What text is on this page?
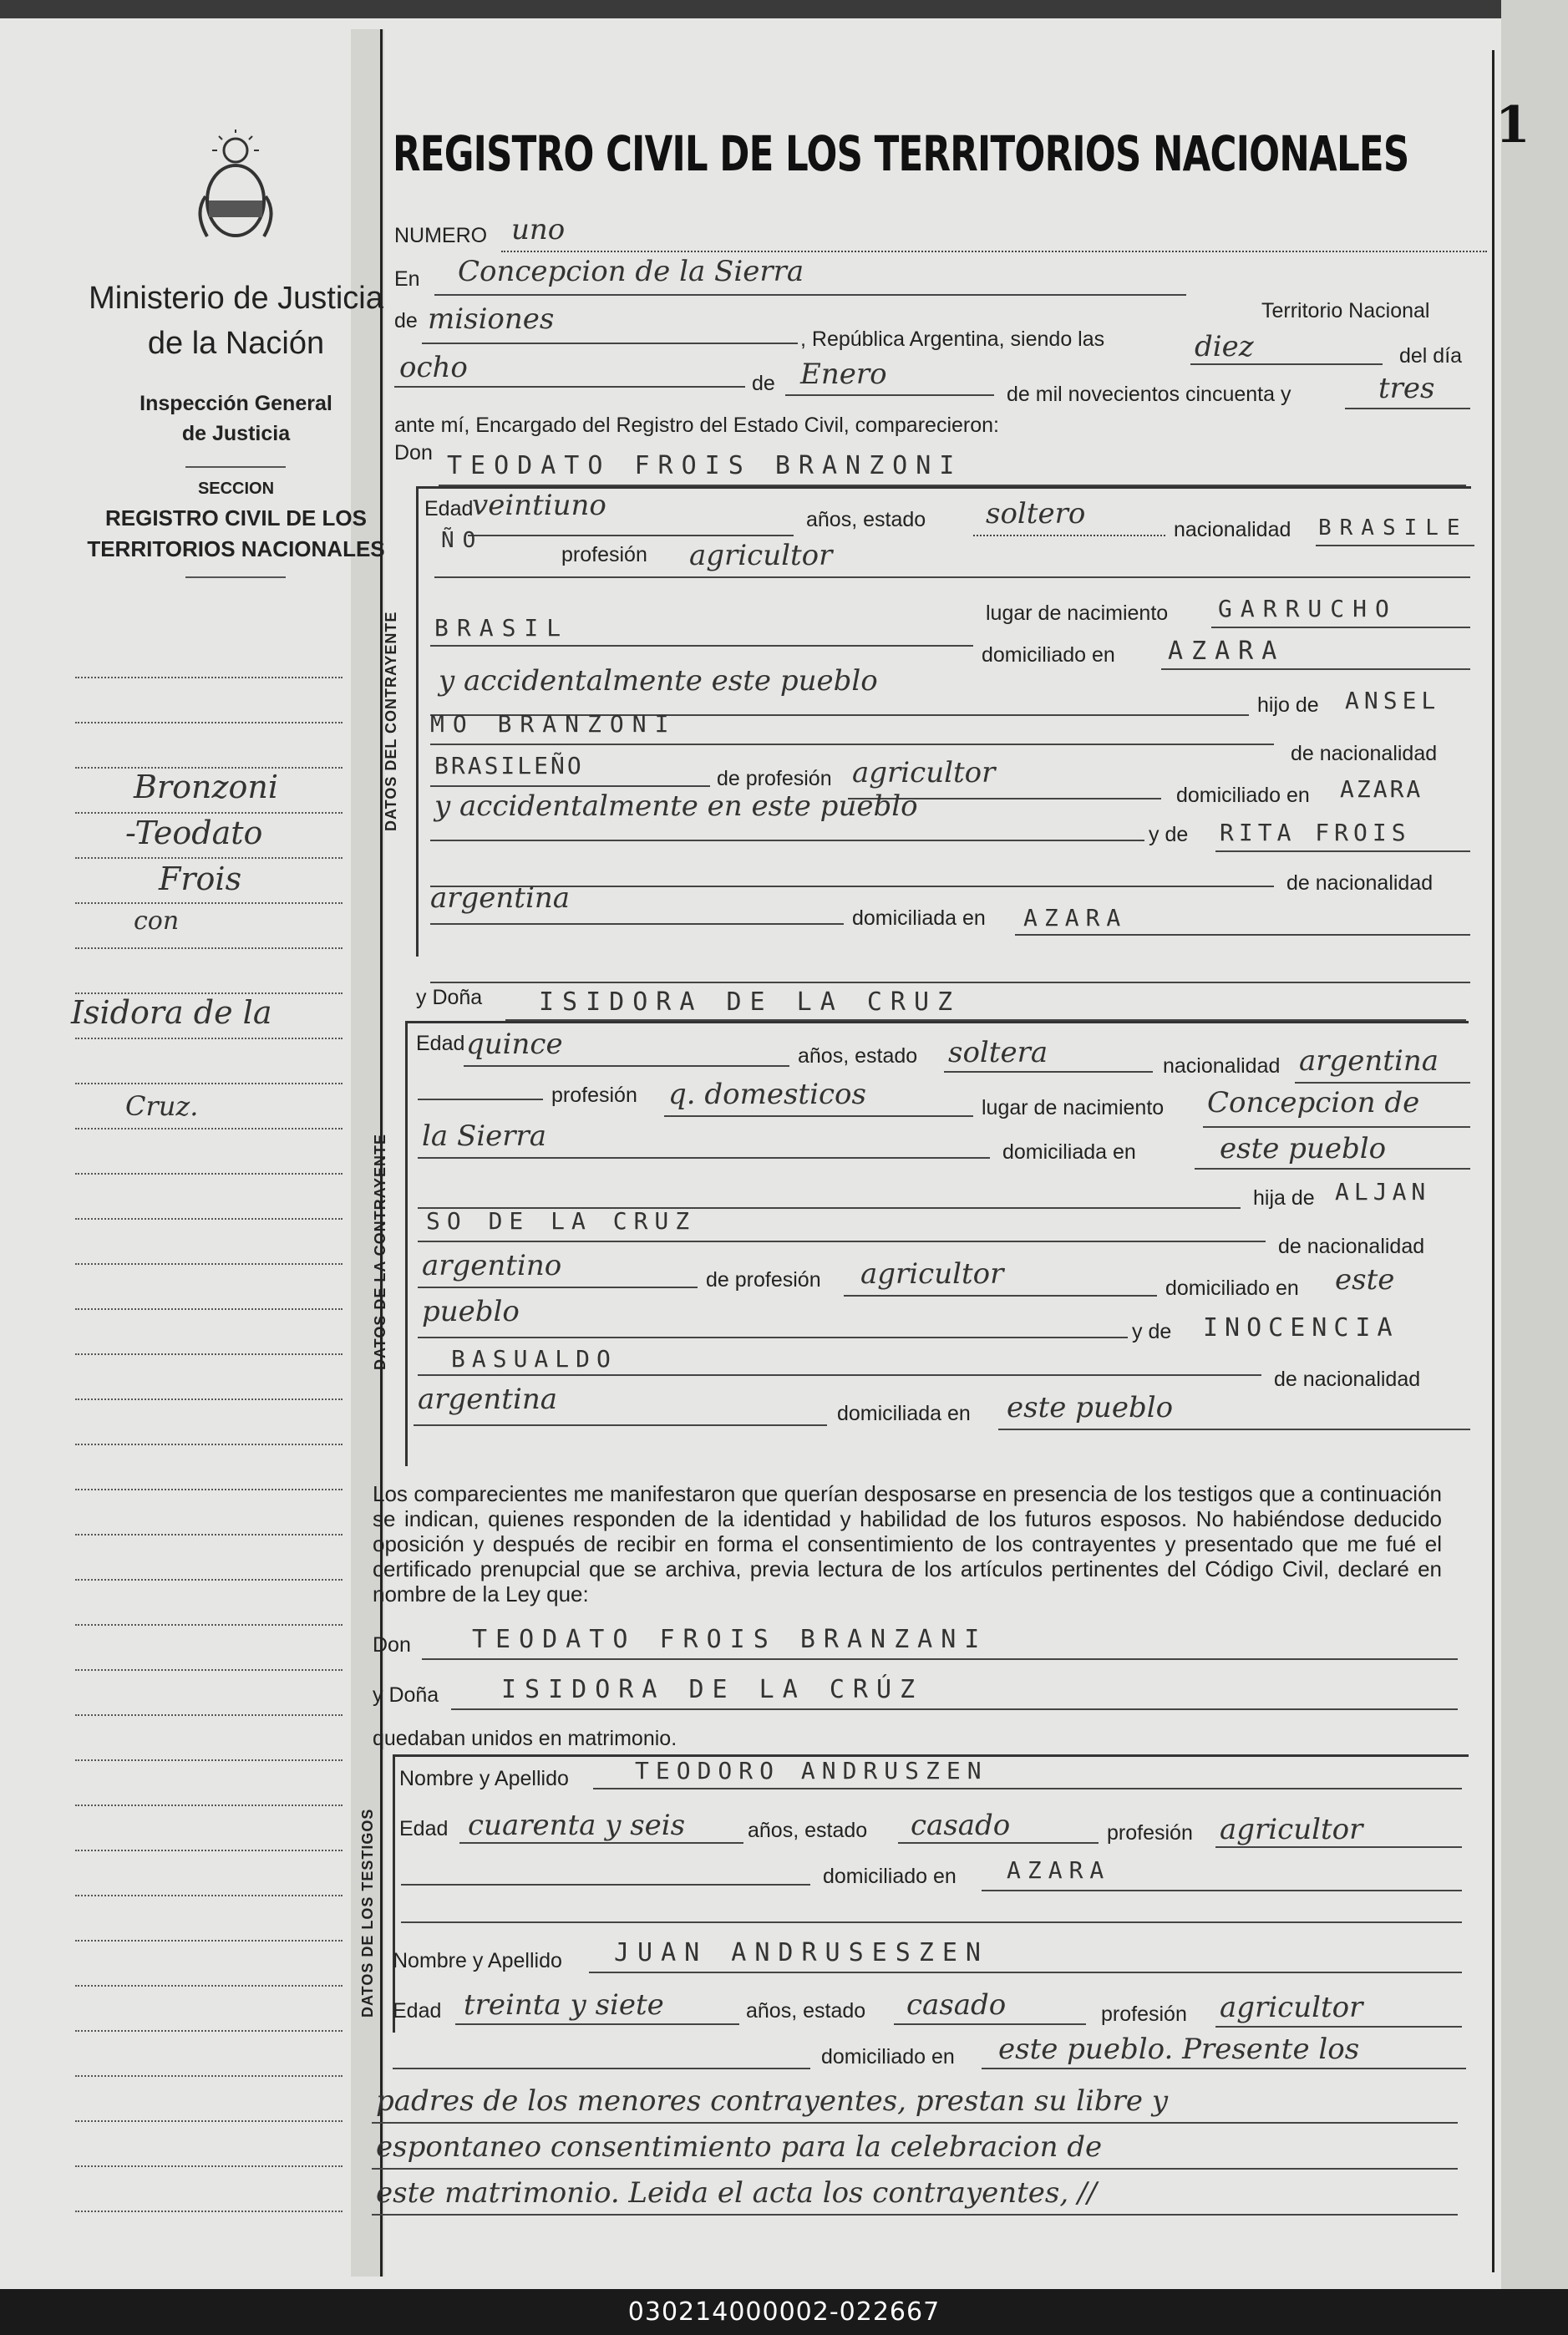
1
Ministerio de Justicia
de la Nación
Inspección General
de Justicia
SECCION
REGISTRO CIVIL DE LOS
TERRITORIOS NACIONALES
Bronzoni
-Teodato
Frois
con
Isidora de la
Cruz.
REGISTRO CIVIL DE LOS TERRITORIOS NACIONALES
NUMERO uno
En Concepcion de la Sierra
Territorio Nacional
de misiones
, República Argentina, siendo las	diez	del día
ocho	de Enero
de mil novecientos cincuenta y	tres
ante mí, Encargado del Registro del Estado Civil, comparecieron:
Don TEODATO FROIS BRANZONI
DATOS DEL CONTRAYENTE
Edad
veintiuno	años, estado soltero	nacionalidad BRASILE
ÑO
profesión agricultor
lugar de nacimiento GARRUCHO
BRASIL
domiciliado en AZARA
y accidentalmente este pueblo
hijo de ANSEL
MO BRANZONI
de nacionalidad
BRASILEÑO	de profesión agricultor
domiciliado en AZARA
y accidentalmente en este pueblo
y de RITA FROIS
de nacionalidad
argentina
domiciliada en AZARA
y Doña ISIDORA DE LA CRUZ
DATOS DE LA CONTRAYENTE
Edad quince	años, estado soltera	nacionalidad argentina
profesión q. domesticos	lugar de nacimiento Concepcion de
la Sierra	domiciliada en	este pueblo
hija de ALJAN
SO DE LA CRUZ
de nacionalidad
argentino	de profesión agricultor	domiciliado en este
pueblo
y de INOCENCIA
BASUALDO
de nacionalidad
argentina	domiciliada en este pueblo
Los comparecientes me manifestaron que querían desposarse en presencia de los testigos que a continuación se indican, quienes responden de la identidad y habilidad de los futuros esposos. No habiéndose deducido oposición y después de recibir en forma el consentimiento de los contrayentes y presentado que me fué el certificado prenupcial que se archiva, previa lectura de los artículos pertinentes del Código Civil, declaré en nombre de la Ley que:
Don TEODATO FROIS BRANZANI
y Doña ISIDORA DE LA CRÚZ
quedaban unidos en matrimonio.
DATOS DE LOS TESTIGOS
Nombre y Apellido	TEODORO ANDRUSZEN
Edad cuarenta y seis	años, estado casado	profesión agricultor
domiciliado en AZARA
Nombre y Apellido JUAN ANDRUSESZEN
Edad treinta y siete	años, estado casado	profesión agricultor
domiciliado en este pueblo. Presente los
padres de los menores contrayentes, prestan su libre y
espontaneo consentimiento para la celebracion de
este matrimonio. Leida el acta los contrayentes, //
030214000002-022667
